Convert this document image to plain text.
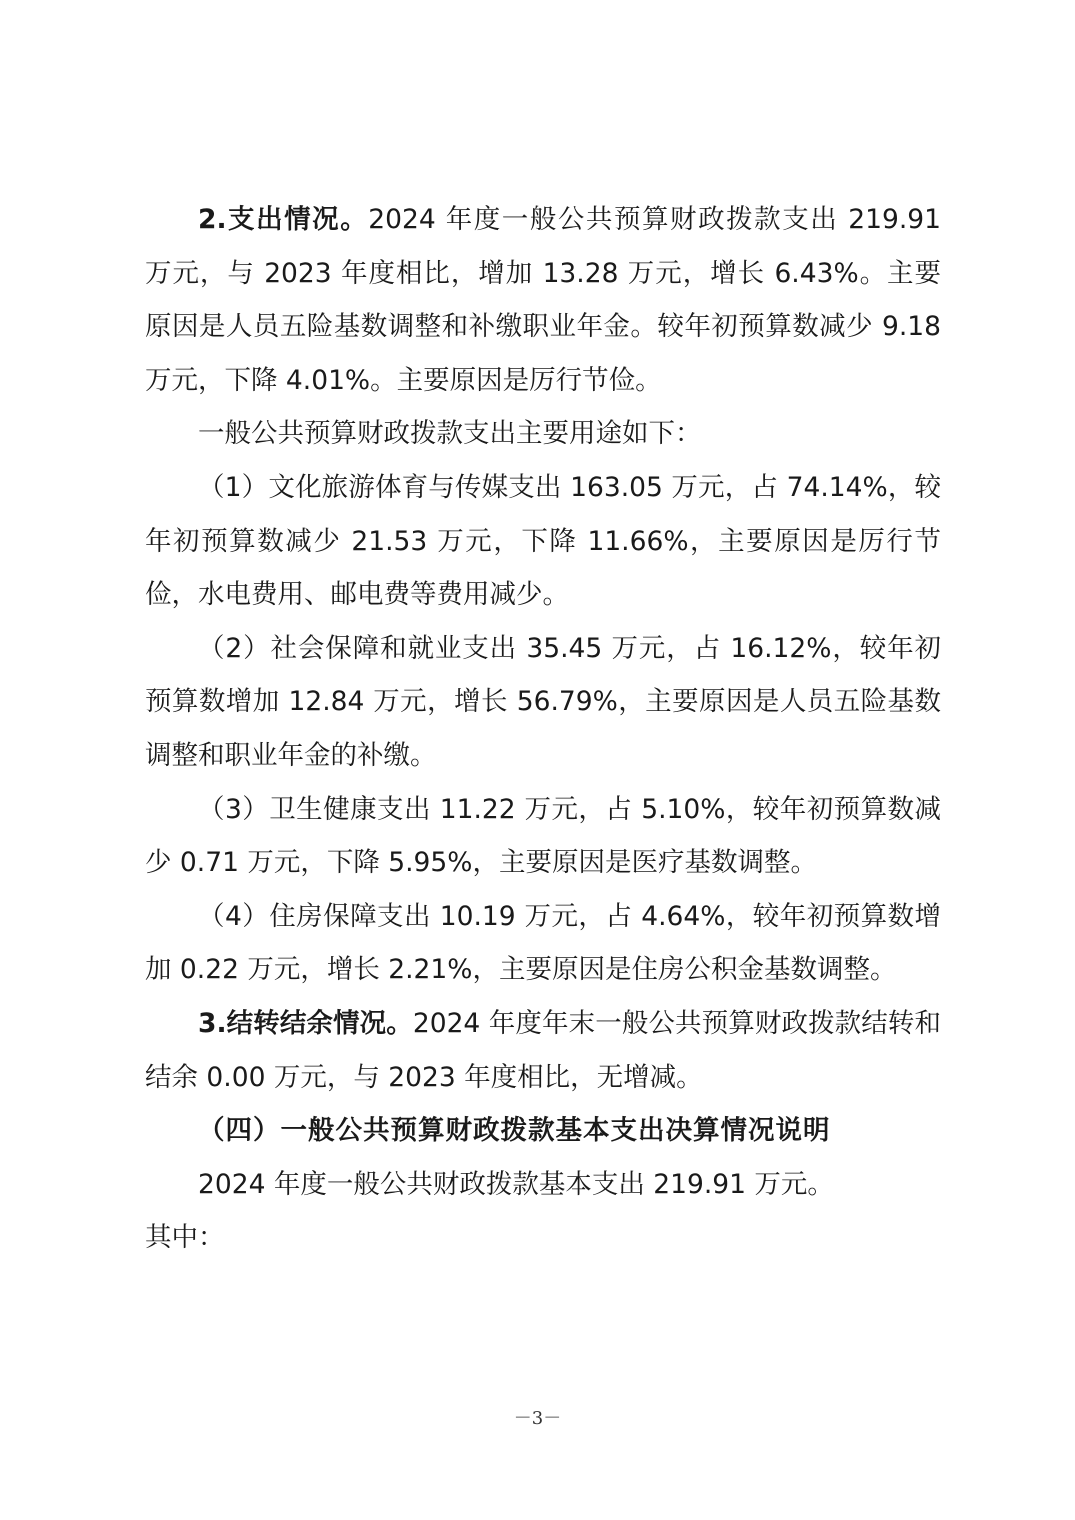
2.支出情况。2024 年度一般公共预算财政拨款支出 219.91 万元，与 2023 年度相比，增加 13.28 万元，增长 6.43%。主要原因是人员五险基数调整和补缴职业年金。较年初预算数减少 9.18 万元，下降 4.01%。主要原因是厉行节俭。

一般公共预算财政拨款支出主要用途如下：

（1）文化旅游体育与传媒支出 163.05 万元，占 74.14%，较年初预算数减少 21.53 万元，下降 11.66%，主要原因是厉行节俭，水电费用、邮电费等费用减少。

（2）社会保障和就业支出 35.45 万元，占 16.12%，较年初预算数增加 12.84 万元，增长 56.79%，主要原因是人员五险基数调整和职业年金的补缴。

（3）卫生健康支出 11.22 万元，占 5.10%，较年初预算数减少 0.71 万元，下降 5.95%，主要原因是医疗基数调整。

（4）住房保障支出 10.19 万元，占 4.64%，较年初预算数增加 0.22 万元，增长 2.21%，主要原因是住房公积金基数调整。

3.结转结余情况。2024 年度年末一般公共预算财政拨款结转和结余 0.00 万元，与 2023 年度相比，无增减。

（四）一般公共预算财政拨款基本支出决算情况说明

2024 年度一般公共财政拨款基本支出 219.91 万元。

其中：

－3－
